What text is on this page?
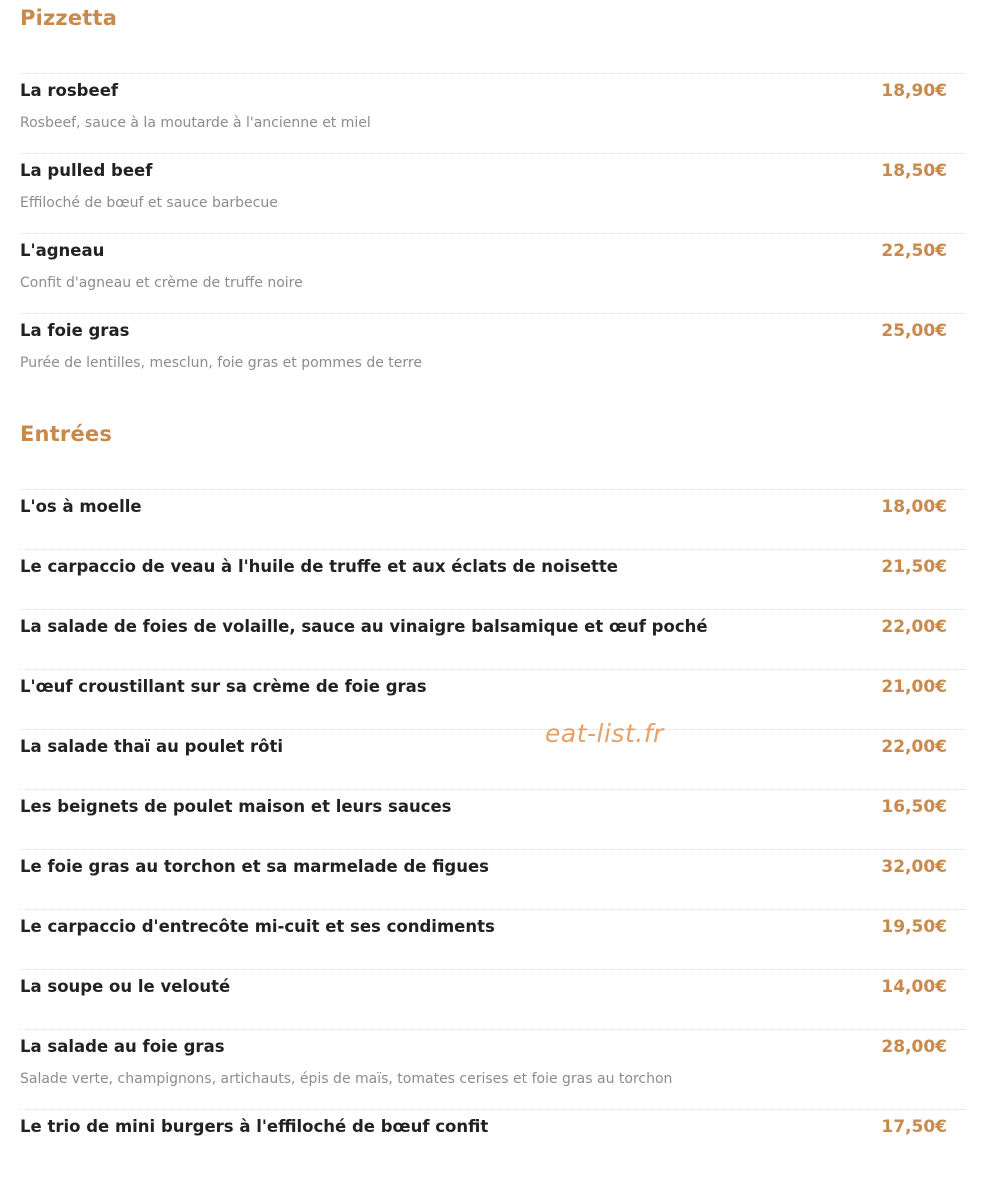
Pizzetta
La rosbeef	18,90€
Rosbeef, sauce à la moutarde à l'ancienne et miel
La pulled beef	18,50€
Effiloché de bœuf et sauce barbecue
L'agneau	22,50€
Confit d'agneau et crème de truffe noire
La foie gras	25,00€
Purée de lentilles, mesclun, foie gras et pommes de terre
Entrées
L'os à moelle	18,00€
Le carpaccio de veau à l'huile de truffe et aux éclats de noisette	21,50€
La salade de foies de volaille, sauce au vinaigre balsamique et œuf poché	22,00€
L'œuf croustillant sur sa crème de foie gras	21,00€
La salade thaï au poulet rôti	22,00€
Les beignets de poulet maison et leurs sauces	16,50€
Le foie gras au torchon et sa marmelade de figues	32,00€
Le carpaccio d'entrecôte mi-cuit et ses condiments	19,50€
La soupe ou le velouté	14,00€
La salade au foie gras	28,00€
Salade verte, champignons, artichauts, épis de maïs, tomates cerises et foie gras au torchon
Le trio de mini burgers à l'effiloché de bœuf confit	17,50€
eat-list.fr
